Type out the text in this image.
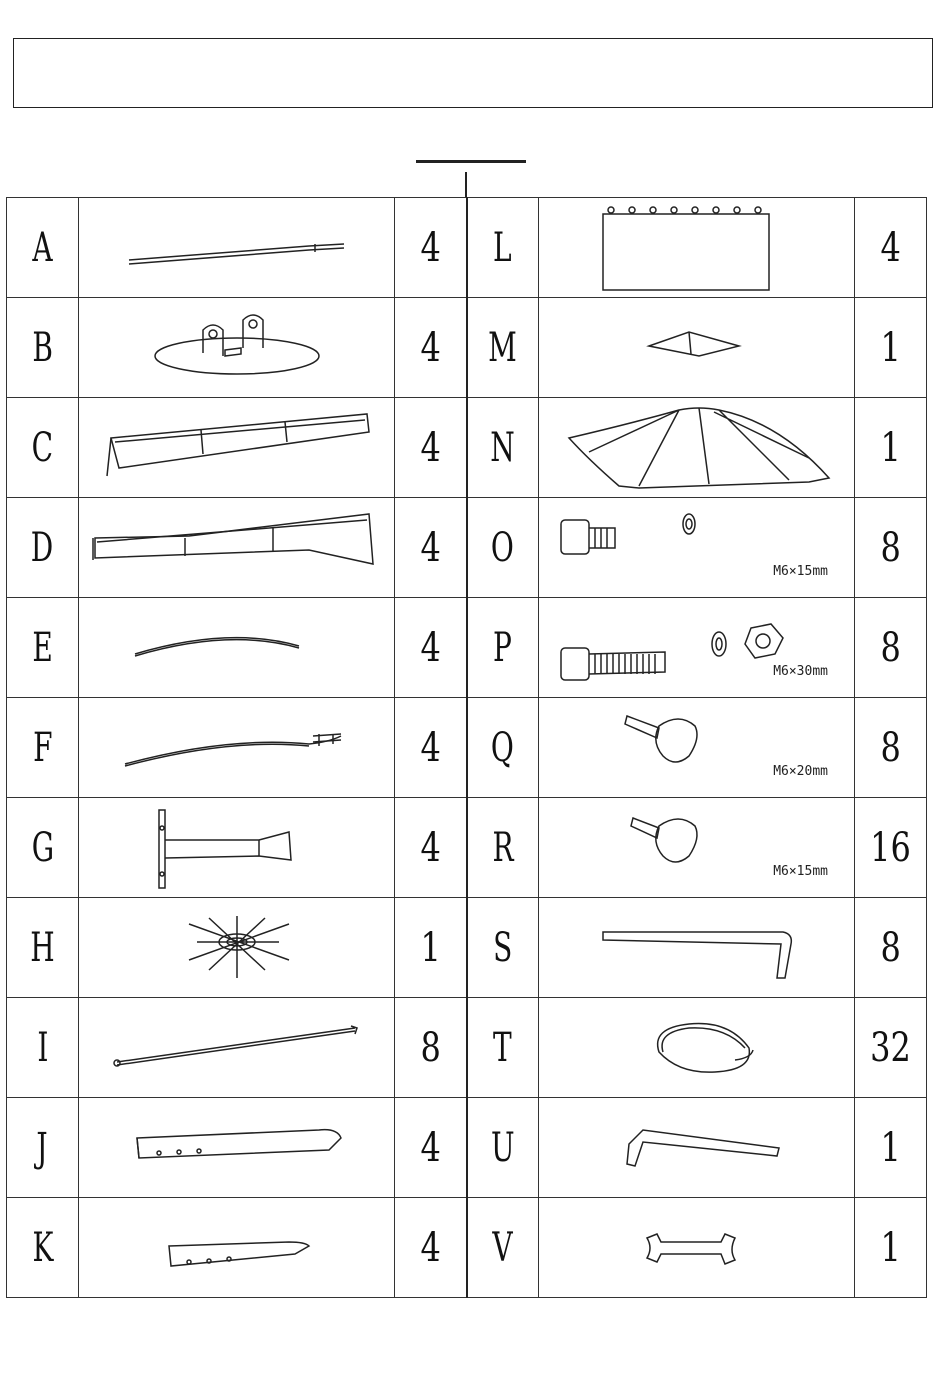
A		4	L		4
B		4	M		1
C		4	N		1
D		4	O	M6×15mm	8
E		4	P	M6×30mm	8
F		4	Q	M6×20mm	8
G		4	R	M6×15mm	16
H		1	S		8
I		8	T		32
J		4	U		1
K		4	V		1
